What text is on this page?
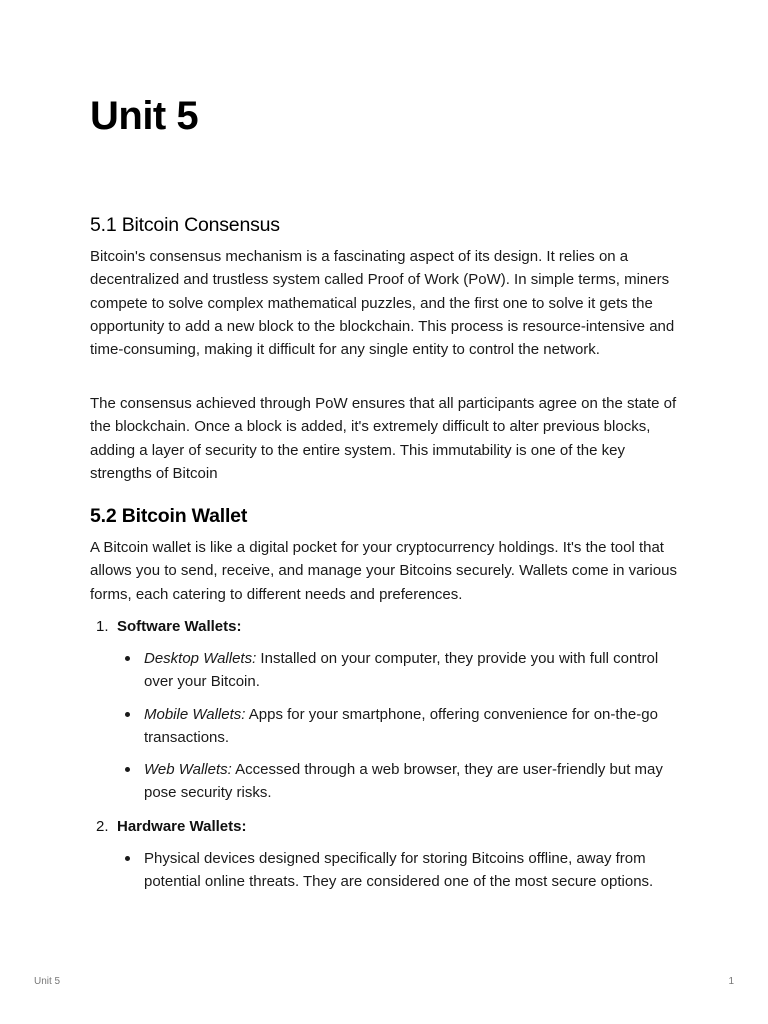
Unit 5
5.1 Bitcoin Consensus

Bitcoin's consensus mechanism is a fascinating aspect of its design. It relies on a decentralized and trustless system called Proof of Work (PoW). In simple terms, miners compete to solve complex mathematical puzzles, and the first one to solve it gets the opportunity to add a new block to the blockchain. This process is resource-intensive and time-consuming, making it difficult for any single entity to control the network.

The consensus achieved through PoW ensures that all participants agree on the state of the blockchain. Once a block is added, it's extremely difficult to alter previous blocks, adding a layer of security to the entire system. This immutability is one of the key strengths of Bitcoin

5.2 Bitcoin Wallet

A Bitcoin wallet is like a digital pocket for your cryptocurrency holdings. It's the tool that allows you to send, receive, and manage your Bitcoins securely. Wallets come in various forms, each catering to different needs and preferences.

1. Software Wallets:
Desktop Wallets: Installed on your computer, they provide you with full control over your Bitcoin.
Mobile Wallets: Apps for your smartphone, offering convenience for on-the-go transactions.
Web Wallets: Accessed through a web browser, they are user-friendly but may pose security risks.
2. Hardware Wallets:
Physical devices designed specifically for storing Bitcoins offline, away from potential online threats. They are considered one of the most secure options.
Unit 5	1
